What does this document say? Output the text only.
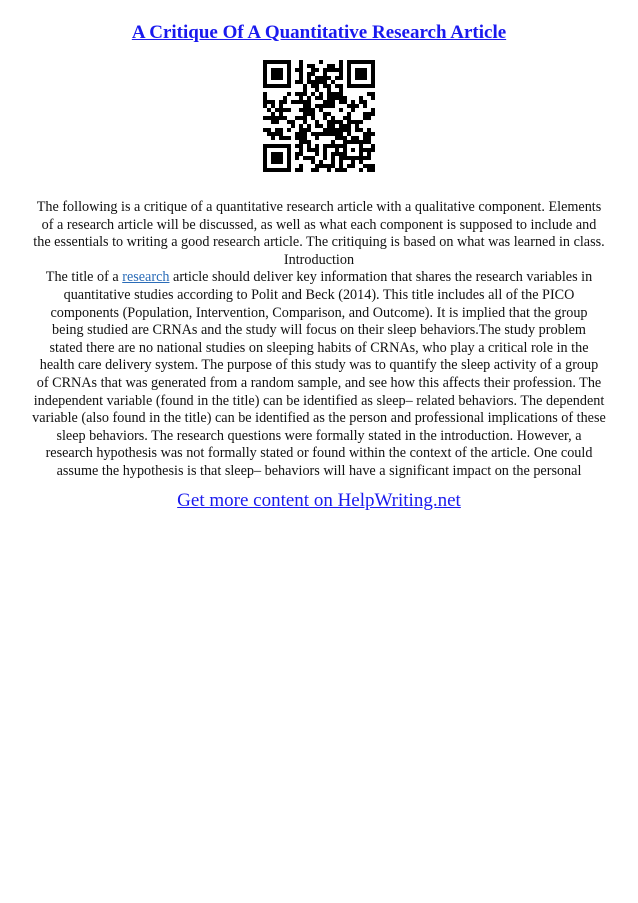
A Critique Of A Quantitative Research Article
The following is a critique of a quantitative research article with a qualitative component. Elements
of a research article will be discussed, as well as what each component is supposed to include and
the essentials to writing a good research article. The critiquing is based on what was learned in class.
Introduction
The title of a research article should deliver key information that shares the research variables in
quantitative studies according to Polit and Beck (2014). This title includes all of the PICO
components (Population, Intervention, Comparison, and Outcome). It is implied that the group
being studied are CRNAs and the study will focus on their sleep behaviors.The study problem
stated there are no national studies on sleeping habits of CRNAs, who play a critical role in the
health care delivery system. The purpose of this study was to quantify the sleep activity of a group
of CRNAs that was generated from a random sample, and see how this affects their profession. The
independent variable (found in the title) can be identified as sleep– related behaviors. The dependent
variable (also found in the title) can be identified as the person and professional implications of these
sleep behaviors. The research questions were formally stated in the introduction. However, a
research hypothesis was not formally stated or found within the context of the article. One could
assume the hypothesis is that sleep– behaviors will have a significant impact on the personal
Get more content on HelpWriting.net
